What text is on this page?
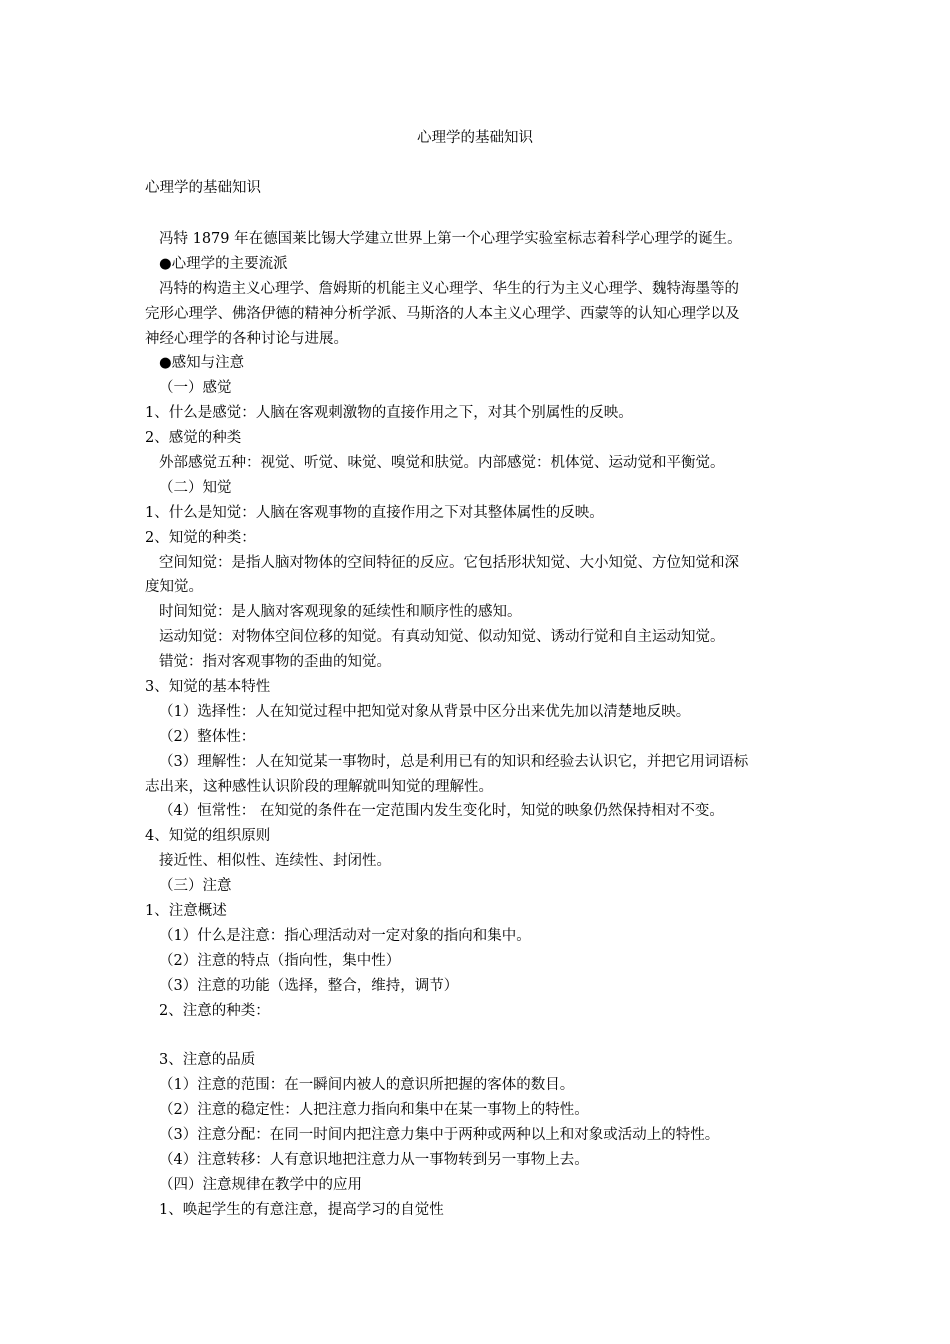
心理学的基础知识
心理学的基础知识
冯特 1879 年在德国莱比锡大学建立世界上第一个心理学实验室标志着科学心理学的诞生。
●心理学的主要流派
冯特的构造主义心理学、詹姆斯的机能主义心理学、华生的行为主义心理学、魏特海墨等的
完形心理学、佛洛伊德的精神分析学派、马斯洛的人本主义心理学、西蒙等的认知心理学以及
神经心理学的各种讨论与进展。
●感知与注意
（一）感觉
1、什么是感觉：人脑在客观刺激物的直接作用之下，对其个别属性的反映。
2、感觉的种类
外部感觉五种：视觉、听觉、味觉、嗅觉和肤觉。内部感觉：机体觉、运动觉和平衡觉。
（二）知觉
1、什么是知觉：人脑在客观事物的直接作用之下对其整体属性的反映。
2、知觉的种类：
空间知觉：是指人脑对物体的空间特征的反应。它包括形状知觉、大小知觉、方位知觉和深
度知觉。
时间知觉：是人脑对客观现象的延续性和顺序性的感知。
运动知觉：对物体空间位移的知觉。有真动知觉、似动知觉、诱动行觉和自主运动知觉。
错觉：指对客观事物的歪曲的知觉。
3、知觉的基本特性
（1）选择性：人在知觉过程中把知觉对象从背景中区分出来优先加以清楚地反映。
（2）整体性：
（3）理解性：人在知觉某一事物时，总是利用已有的知识和经验去认识它，并把它用词语标
志出来，这种感性认识阶段的理解就叫知觉的理解性。
（4）恒常性： 在知觉的条件在一定范围内发生变化时，知觉的映象仍然保持相对不变。
4、知觉的组织原则
接近性、相似性、连续性、封闭性。
（三）注意
1、注意概述
（1）什么是注意：指心理活动对一定对象的指向和集中。
（2）注意的特点（指向性，集中性）
（3）注意的功能（选择，整合，维持，调节）
2、注意的种类：
3、注意的品质
（1）注意的范围：在一瞬间内被人的意识所把握的客体的数目。
（2）注意的稳定性：人把注意力指向和集中在某一事物上的特性。
（3）注意分配：在同一时间内把注意力集中于两种或两种以上和对象或活动上的特性。
（4）注意转移：人有意识地把注意力从一事物转到另一事物上去。
（四）注意规律在教学中的应用
1、唤起学生的有意注意，提高学习的自觉性
